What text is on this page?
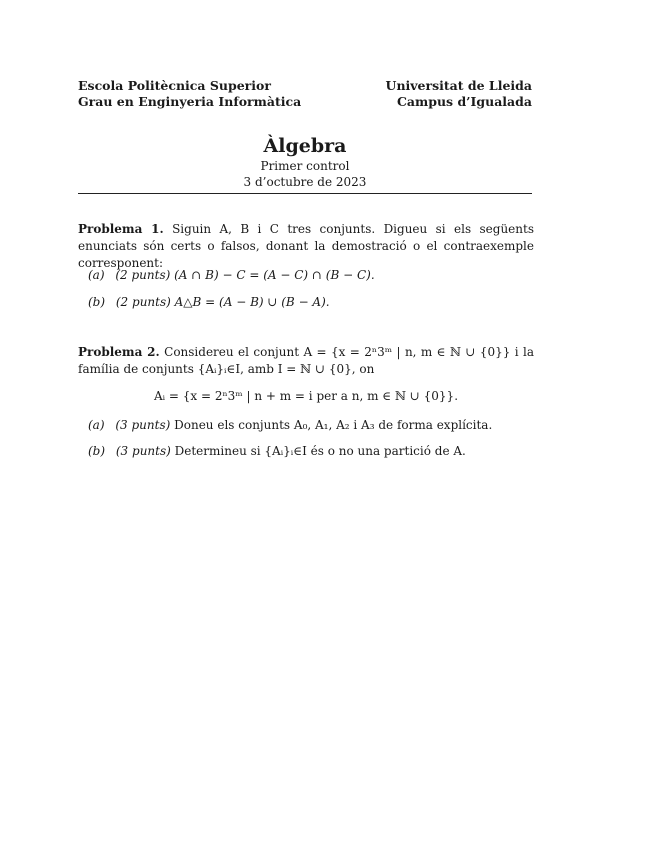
Escola Politècnica Superior
Grau en Enginyeria Informàtica
Universitat de Lleida
Campus d’Igualada
Àlgebra
Primer control
3 d’octubre de 2023
Problema 1. Siguin A, B i C tres conjunts. Digueu si els següents enunciats són certs o falsos, donant la demostració o el contraexemple corresponent:
(a) (2 punts) (A ∩ B) − C = (A − C) ∩ (B − C).
(b) (2 punts) A△B = (A − B) ∪ (B − A).
Problema 2. Considereu el conjunt A = {x = 2ⁿ3ᵐ | n, m ∈ ℕ ∪ {0}} i la família de conjunts {Aᵢ}ᵢ∈I, amb I = ℕ ∪ {0}, on
Aᵢ = {x = 2ⁿ3ᵐ | n + m = i per a n, m ∈ ℕ ∪ {0}}.
(a) (3 punts) Doneu els conjunts A₀, A₁, A₂ i A₃ de forma explícita.
(b) (3 punts) Determineu si {Aᵢ}ᵢ∈I és o no una partició de A.
